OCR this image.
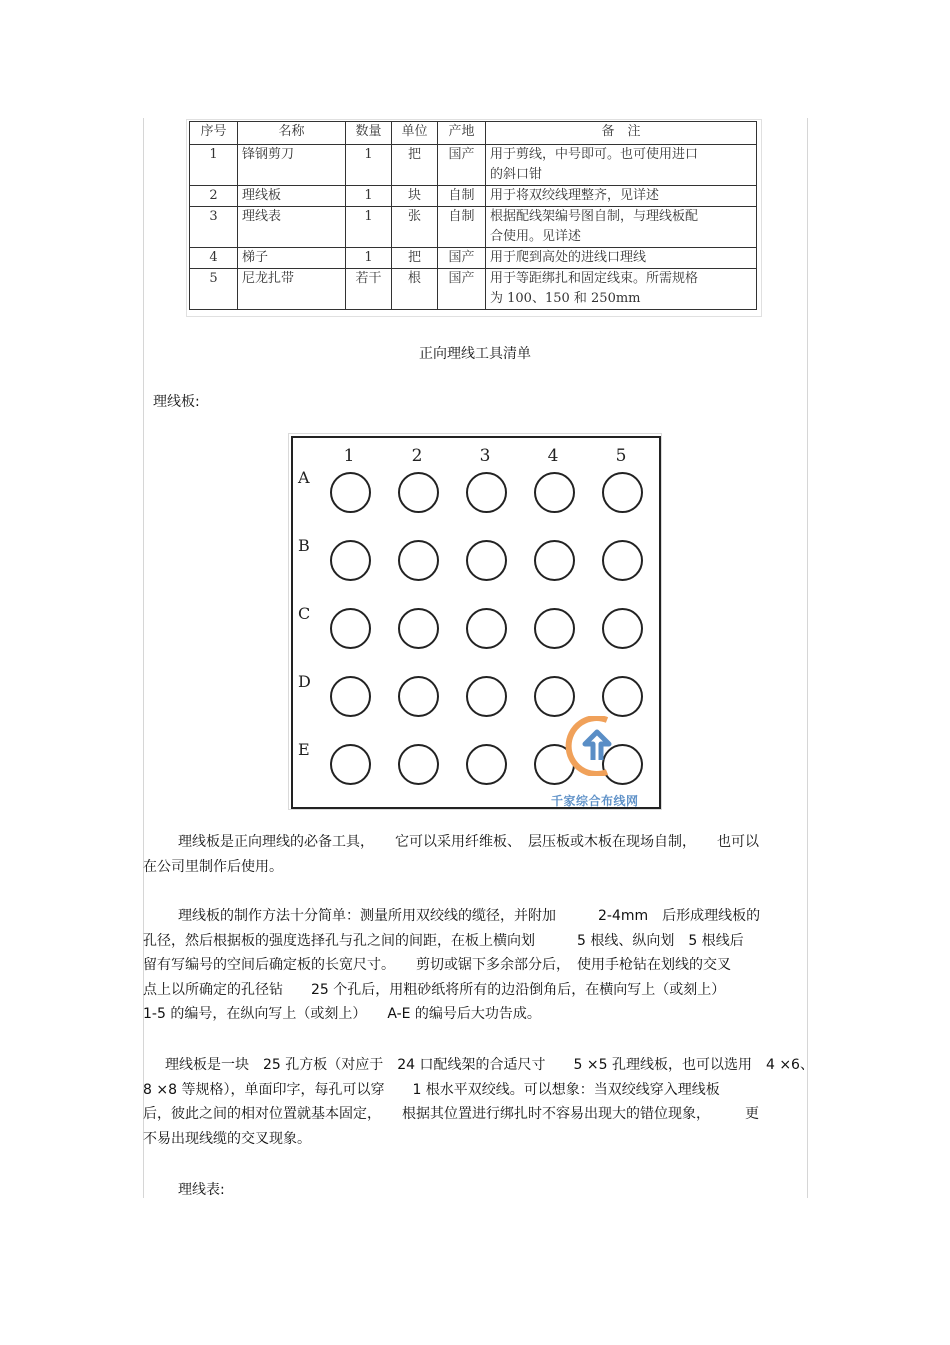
序号	名称	数量	单位	产地	备　注
1	锋钢剪刀	1	把	国产	用于剪线，中号即可。也可使用进口
的斜口钳

2	理线板	1	块	自制	用于将双绞线理整齐，见详述

3	理线表	1	张	自制	根据配线架编号图自制，与理线板配
合使用。见详述

4	梯子	1	把	国产	用于爬到高处的进线口理线

5	尼龙扎带	若干	根	国产	用于等距绑扎和固定线束。所需规格
为 100、150 和 250mm
正向理线工具清单
理线板:
1	2	3	4	5
A
B
C
D
E
千家综合布线网
理线板是正向理线的必备工具，　　它可以采用纤维板、　层压板或木板在现场自制，　　也可以
在公司里制作后使用。
理线板的制作方法十分简单：测量所用双绞线的缆径，并附加　　　2-4mm　后形成理线板的
孔径，然后根据板的强度选择孔与孔之间的间距，在板上横向划　　　5 根线、纵向划　5 根线后
留有写编号的空间后确定板的长宽尺寸。　　剪切或锯下多余部分后，　使用手枪钻在划线的交叉
点上以所确定的孔径钻　　25 个孔后，用粗砂纸将所有的边沿倒角后，在横向写上（或刻上）
1-5 的编号，在纵向写上（或刻上）　　A-E 的编号后大功告成。
理线板是一块　25 孔方板（对应于　24 口配线架的合适尺寸　　5 ×5 孔理线板，也可以选用　4 ×6、
8 ×8 等规格），单面印字，每孔可以穿　　1 根水平双绞线。可以想象：当双绞线穿入理线板
后，彼此之间的相对位置就基本固定，　　根据其位置进行绑扎时不容易出现大的错位现象，　　　更
不易出现线缆的交叉现象。
理线表:
